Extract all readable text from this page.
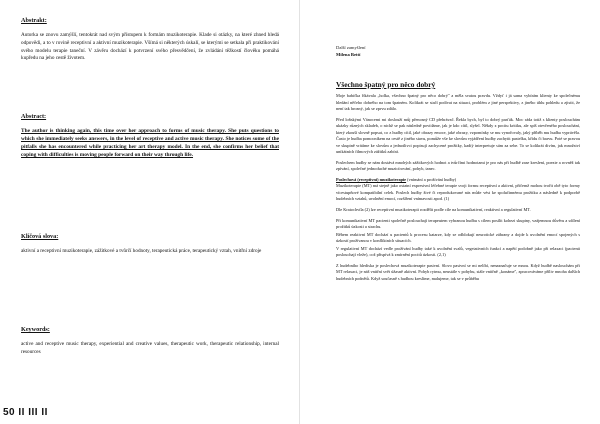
Abstrakt:

Autorka se znovu zamýšlí, tentokrát nad svým přístupem k formám muzikoterapie. Klade si otázky, na které zhned hledá odpovědi, a to v rovině receptivní a aktivní muzikoterapie. Všímá si některých úskalí, se kterými se setkala při praktikování svého modelu terapie taneční. V závěru dochází k potvrzení svého přesvědčení, že zvládání těžkostí člověku pomáhá kupředu na jeho cestě životem.

Abstract:

The author is thinking again, this time over her approach to forms of music therapy. She puts questions to which she immediately seeks answers, in the level of receptive and active music therapy. She notices some of the pitfalls she has encountered while practicing her art therapy model. In the end, she confirms her belief that coping with difficulties is moving people forward on their way through life.

Klíčová slova:

aktivní a receptivní muzikoterapie, zážitkové a tvůrčí hodnoty, terapeutická práce, terapeutický vztah, vnitřní zdroje

Keywords:

active and receptive music therapy, experiential and creative values, therapeutic work, therapeutic relationship, internal resources

50 II III II
Další zamyšlení
Milena Bettí
Všechno špatný pro něco dobrý

Moje babička říkávala „holka, všechno špatný pro něco dobrý" a měla svatou pravdu. Vždyť i já sama vybírám klienty ke společnému hledání něčeho dobrého na tom špatném. Kolikrát se stačí podívat na situaci, problém z jiné perspektivy, z jiného úhlu pohledu a zjistit, že není tak hrozný, jak se zprvu zdálo.

Před loňskými Vánocemi mi doslouží můj přenosný CD přehrávač. Řekla bych, byl to dobrý parťák. Moc ráda totiž s klienty poslouchám ukázky různých skladeb, o nichž se pak následně povídáme, jak je kdo cítil, slyšel. Někdy z pocitu kritiku, ale spíš otevřeného poslouchání, který zkouší slovně popsat, co z hudby cítil, jaké obrazy emoce, jaké obrazy, vzpomínky se mu vynořovaly, jaký příběh mu hudba vyprávěla. Často je hudba pomocníkem na cestě z jiného stavu, pomůže vše ke slovům vyjádření hudby zachytit pastelku, křídu či barvu. Poté se pravou ve skupině vrátíme ke slovům a jednotlivci popisují zachycené prožitky, kadíý interpretuje sám za sebe. To se kolikrát divím, jak množství unikátních filmových zážitků zabírá.

Poslechem hudby se nám dostává mnohých zážitkových hodnot a tvůrčími hodnotami je pro nás při hudbě zase kreslení, poezie a rovněž tak zpívání, společné jednoduché muzicírování, pohyb, tanec.

Poslechová (receptivní) muzikoterapie (vnímání a prožívání hudby)

Muzikoterapie (MT) má stejně jako ostatní expresivní léčebné terapie svoji formu receptivní a aktivní, přičemž mohou tvořit obě tyto formy vícestupňové kompatibilní celek. Poslech hudby živé či reprodukované nás může vést ke spolučinnému prožitku a následně k podporbě hudebních vztahů, uvolnění emocí, rozšíření vnímavosti apod. (1)

Dle Kratochvíla (2) lze receptivní muzikoterapii rozdělit podle cíle na komunikativní, reaktivní a regulativní MT.

Při komunikativní MT pacienti společně poslouchají terapeutem vybranou hudbu s cílem posílit kohezi skupiny, vzájemnou důvěru a sdílení prožitků úzkosti a strachu.

Během reaktivní MT dochází u pacientů k procesu katarze, kdy se odblokují neurotické zábrany a dojde k uvolnění emocí spojených s úzkostí prožívanou v konfliktních situacích.

V regulativní MT dochází vedle prožívání hudby také k uvolnění svalů, vegetativních funkcí a napětí podobně jako při relaxaci (pacienti poslouchají vleže), což přispívá k zmírnění pocitů úzkosti. (2,1)

Z hudebního hlediska je poslechová muzikoterapie pasivní. Slovo pasivní se mi nelíbí, nenaznačuje se mnou. Když hudbě naslouchám při MT relaxaci, je náš vnitřní svět úžasně aktivní. Pohyb rytmu, neustále v pohybu, stále vnitřně „konáme", zpracováváme příliv mnoha dalších hudebních podnětů. Když současně s hudbou kreslíme, malujeme, tak se v průběhu
